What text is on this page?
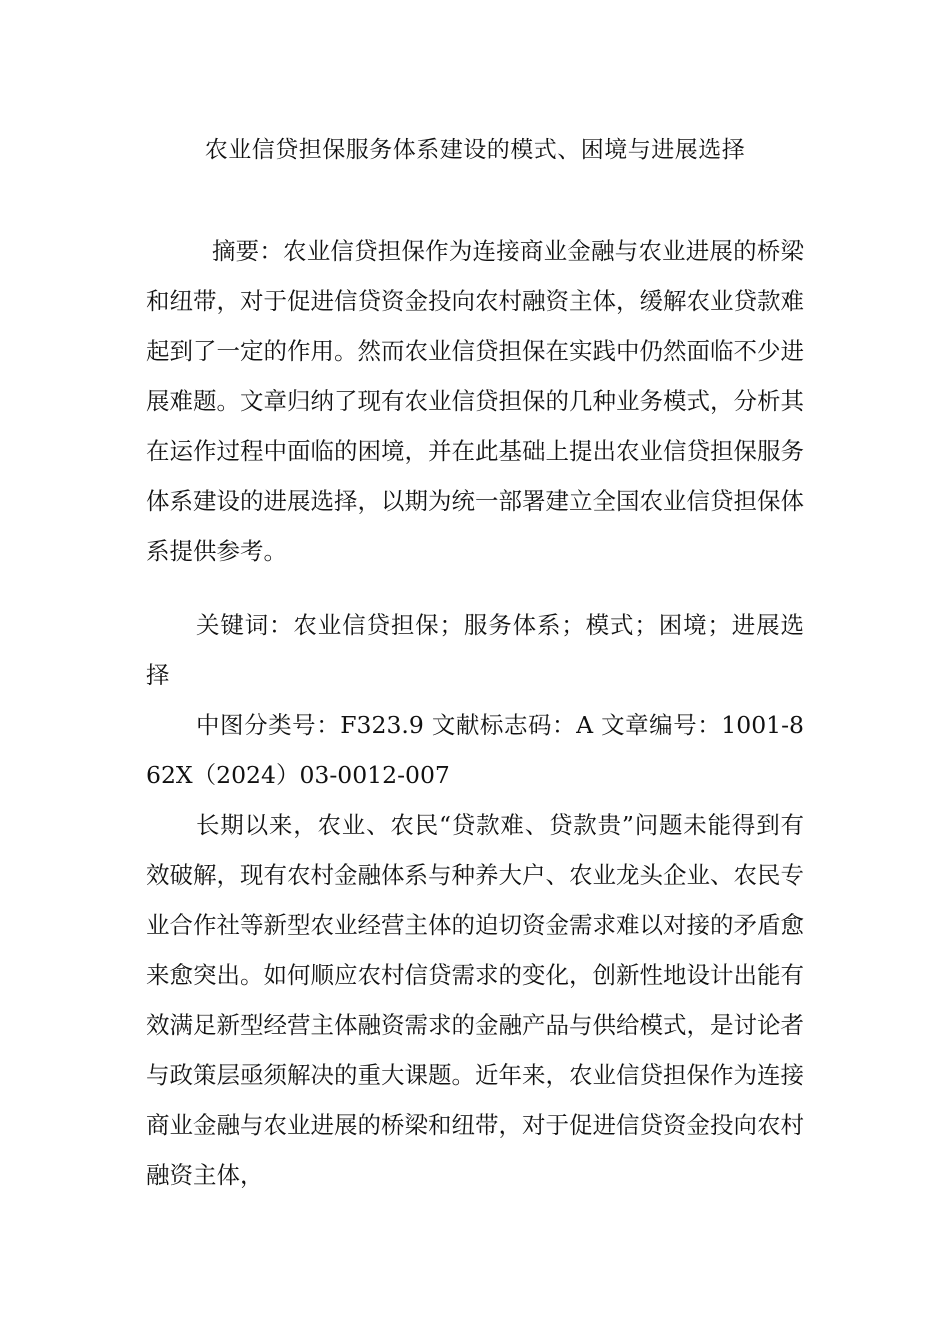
农业信贷担保服务体系建设的模式、困境与进展选择

摘要：农业信贷担保作为连接商业金融与农业进展的桥梁和纽带，对于促进信贷资金投向农村融资主体，缓解农业贷款难起到了一定的作用。然而农业信贷担保在实践中仍然面临不少进展难题。文章归纳了现有农业信贷担保的几种业务模式，分析其在运作过程中面临的困境，并在此基础上提出农业信贷担保服务体系建设的进展选择，以期为统一部署建立全国农业信贷担保体系提供参考。

关键词：农业信贷担保；服务体系；模式；困境；进展选择

中图分类号：F323.9 文献标志码：A 文章编号：1001-862X（2024）03-0012-007

长期以来，农业、农民“贷款难、贷款贵”问题未能得到有效破解，现有农村金融体系与种养大户、农业龙头企业、农民专业合作社等新型农业经营主体的迫切资金需求难以对接的矛盾愈来愈突出。如何顺应农村信贷需求的变化，创新性地设计出能有效满足新型经营主体融资需求的金融产品与供给模式，是讨论者与政策层亟须解决的重大课题。近年来，农业信贷担保作为连接商业金融与农业进展的桥梁和纽带，对于促进信贷资金投向农村融资主体，
